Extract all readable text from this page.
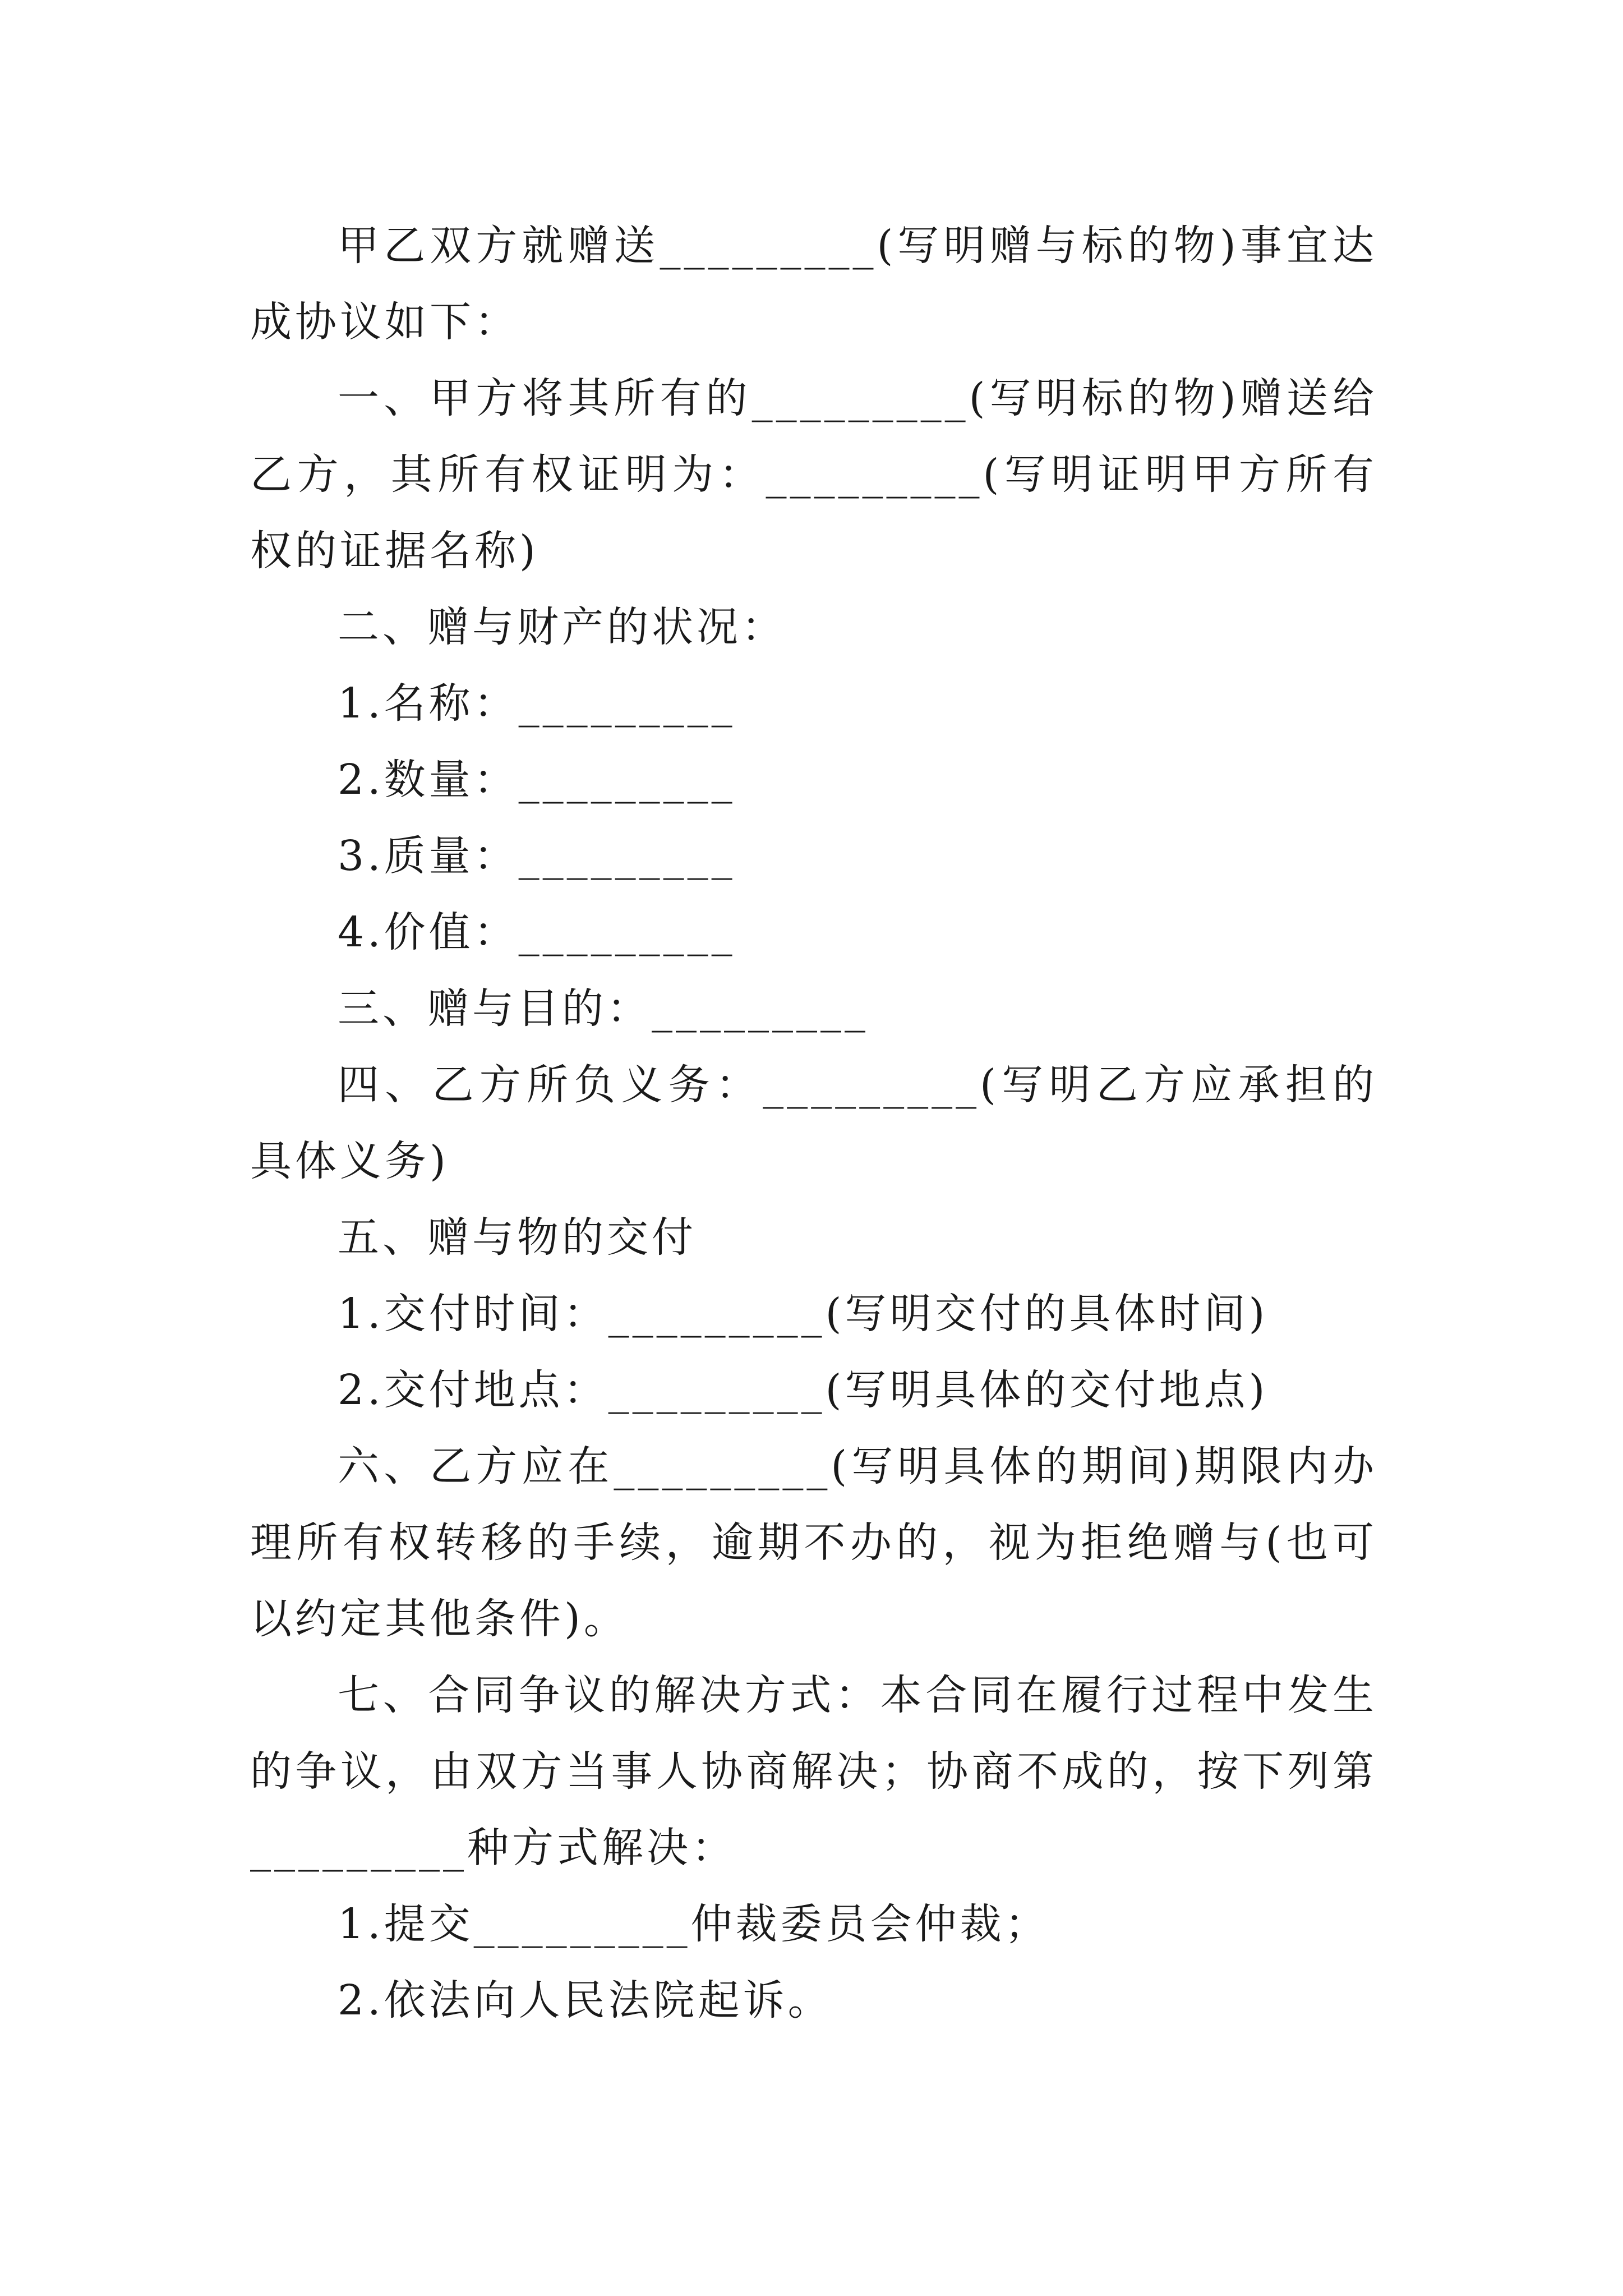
甲乙双方就赠送_________(写明赠与标的物)事宜达成协议如下：

一、甲方将其所有的_________(写明标的物)赠送给乙方，其所有权证明为：_________(写明证明甲方所有权的证据名称)

二、赠与财产的状况：

1.名称：_________

2.数量：_________

3.质量：_________

4.价值：_________

三、赠与目的：_________

四、乙方所负义务：_________(写明乙方应承担的具体义务)

五、赠与物的交付

1.交付时间：_________(写明交付的具体时间)

2.交付地点：_________(写明具体的交付地点)

六、乙方应在_________(写明具体的期间)期限内办理所有权转移的手续，逾期不办的，视为拒绝赠与(也可以约定其他条件)。

七、合同争议的解决方式：本合同在履行过程中发生的争议，由双方当事人协商解决；协商不成的，按下列第_________种方式解决：

1.提交_________仲裁委员会仲裁；

2.依法向人民法院起诉。
